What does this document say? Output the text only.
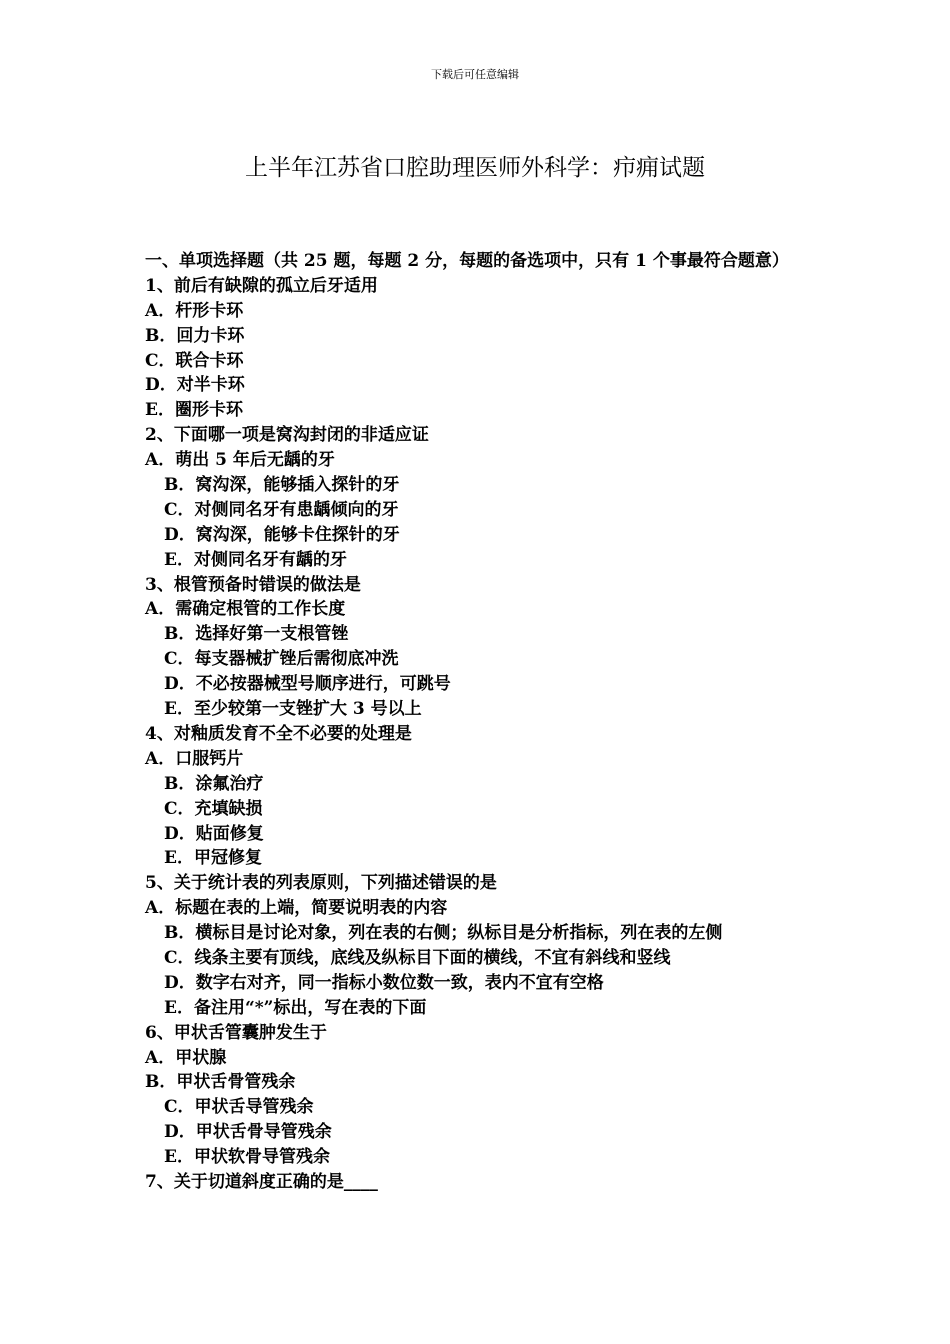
下载后可任意编辑
上半年江苏省口腔助理医师外科学：疖痈试题
一、单项选择题（共 25 题，每题 2 分，每题的备选项中，只有 1 个事最符合题意）
1、前后有缺隙的孤立后牙适用
A．杆形卡环
B．回力卡环
C．联合卡环
D．对半卡环
E．圈形卡环
2、下面哪一项是窝沟封闭的非适应证
A．萌出 5 年后无龋的牙
B．窝沟深，能够插入探针的牙
C．对侧同名牙有患龋倾向的牙
D．窝沟深，能够卡住探针的牙
E．对侧同名牙有龋的牙
3、根管预备时错误的做法是
A．需确定根管的工作长度
B．选择好第一支根管锉
C．每支器械扩锉后需彻底冲洗
D．不必按器械型号顺序进行，可跳号
E．至少较第一支锉扩大 3 号以上
4、对釉质发育不全不必要的处理是
A．口服钙片
B．涂氟治疗
C．充填缺损
D．贴面修复
E．甲冠修复
5、关于统计表的列表原则，下列描述错误的是
A．标题在表的上端，简要说明表的内容
B．横标目是讨论对象，列在表的右侧；纵标目是分析指标，列在表的左侧
C．线条主要有顶线，底线及纵标目下面的横线，不宜有斜线和竖线
D．数字右对齐，同一指标小数位数一致，表内不宜有空格
E．备注用“*”标出，写在表的下面
6、甲状舌管囊肿发生于
A．甲状腺
B．甲状舌骨管残余
C．甲状舌导管残余
D．甲状舌骨导管残余
E．甲状软骨导管残余
7、关于切道斜度正确的是____
